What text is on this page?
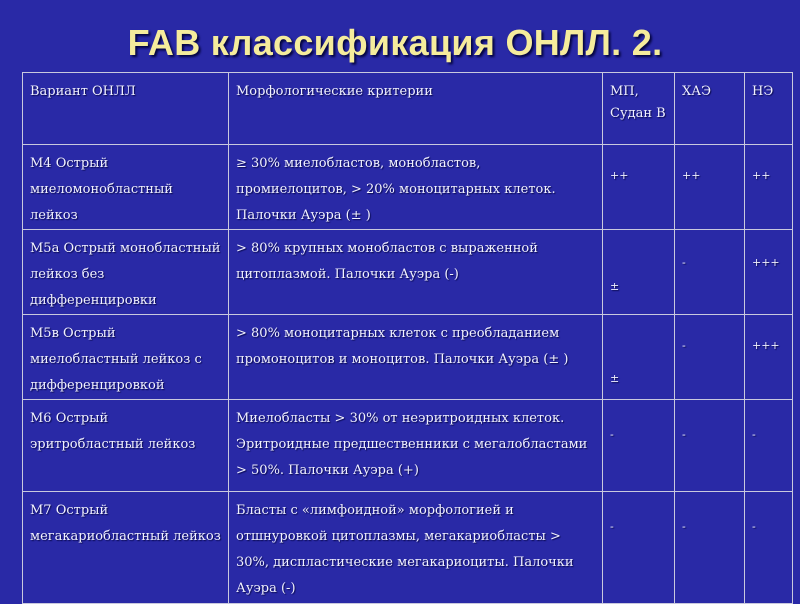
FAB классификация ОНЛЛ. 2.
Вариант ОНЛЛ	Морфологические критерии	МП, Судан В	ХАЭ	НЭ
М4 Острый миеломонобластный лейкоз	≥ 30% миелобластов, монобластов, промиелоцитов, > 20% моноцитарных клеток. Палочки Ауэра (± )	++	++	++

М5а Острый монобластный лейкоз без дифференцировки	> 80% крупных монобластов с выраженной цитоплазмой. Палочки Ауэра (-)	±	-	+++

М5в Острый миелобластный лейкоз с дифференцировкой	> 80% моноцитарных клеток с преобладанием промоноцитов и моноцитов. Палочки Ауэра (± )	±	-	+++

М6 Острый эритробластный лейкоз	Миелобласты > 30% от неэритроидных клеток. Эритроидные предшественники с мегалобластами > 50%. Палочки Ауэра (+)	-	-	-

М7 Острый мегакариобластный лейкоз	Бласты с «лимфоидной» морфологией и отшнуровкой цитоплазмы, мегакариобласты > 30%, диспластические мегакариоциты. Палочки Ауэра (-)	-	-	-
